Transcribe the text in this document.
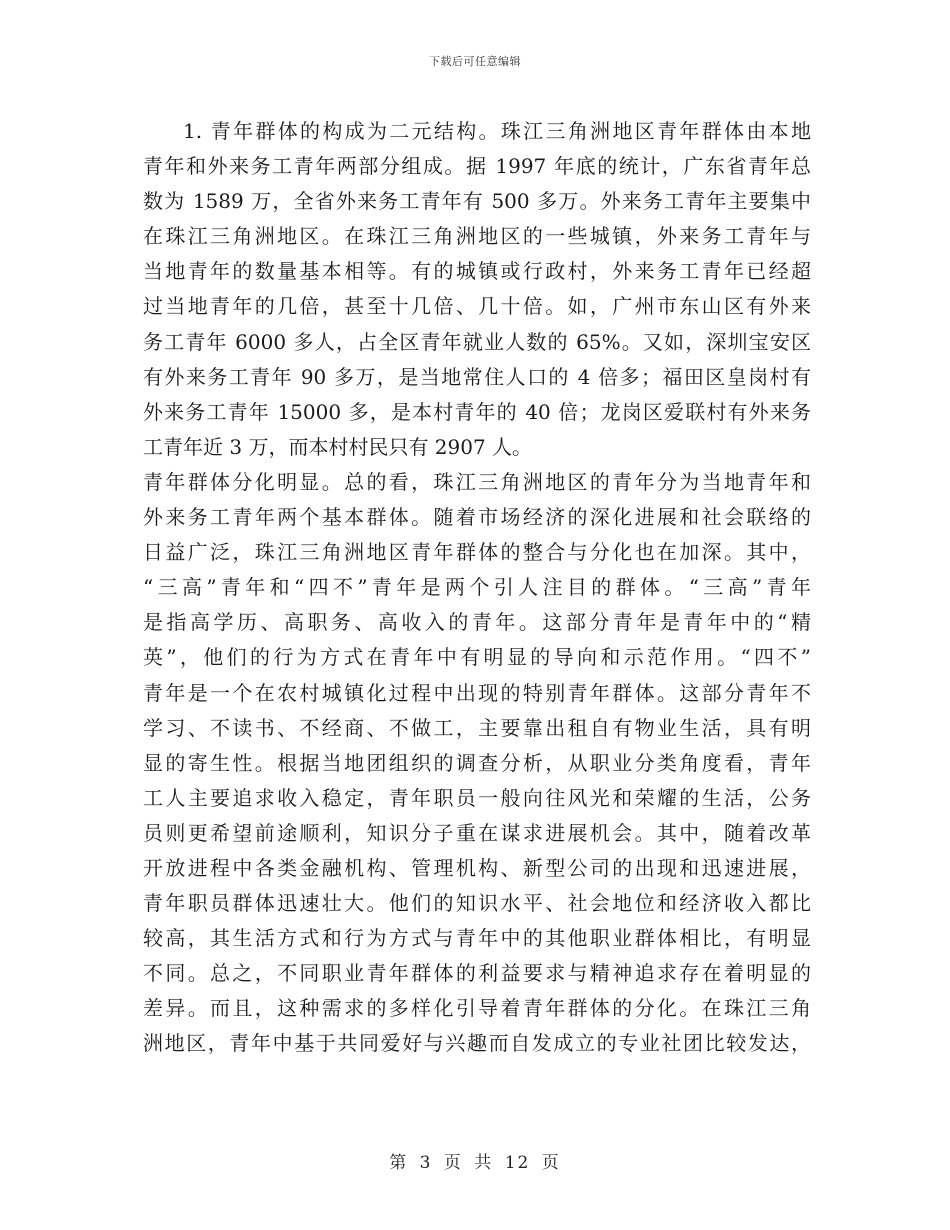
下载后可任意编辑
1. 青年群体的构成为二元结构。珠江三角洲地区青年群体由本地
青年和外来务工青年两部分组成。据 1997 年底的统计，广东省青年总
数为 1589 万，全省外来务工青年有 500 多万。外来务工青年主要集中
在珠江三角洲地区。在珠江三角洲地区的一些城镇，外来务工青年与
当地青年的数量基本相等。有的城镇或行政村，外来务工青年已经超
过当地青年的几倍，甚至十几倍、几十倍。如，广州市东山区有外来
务工青年 6000 多人，占全区青年就业人数的 65%。又如，深圳宝安区
有外来务工青年 90 多万，是当地常住人口的 4 倍多；福田区皇岗村有
外来务工青年 15000 多，是本村青年的 40 倍；龙岗区爱联村有外来务
工青年近 3 万，而本村村民只有 2907 人。
青年群体分化明显。总的看，珠江三角洲地区的青年分为当地青年和
外来务工青年两个基本群体。随着市场经济的深化进展和社会联络的
日益广泛，珠江三角洲地区青年群体的整合与分化也在加深。其中，
“三高”青年和“四不”青年是两个引人注目的群体。“三高”青年
是指高学历、高职务、高收入的青年。这部分青年是青年中的“精
英”，他们的行为方式在青年中有明显的导向和示范作用。“四不”
青年是一个在农村城镇化过程中出现的特别青年群体。这部分青年不
学习、不读书、不经商、不做工，主要靠出租自有物业生活，具有明
显的寄生性。根据当地团组织的调查分析，从职业分类角度看，青年
工人主要追求收入稳定，青年职员一般向往风光和荣耀的生活，公务
员则更希望前途顺利，知识分子重在谋求进展机会。其中，随着改革
开放进程中各类金融机构、管理机构、新型公司的出现和迅速进展，
青年职员群体迅速壮大。他们的知识水平、社会地位和经济收入都比
较高，其生活方式和行为方式与青年中的其他职业群体相比，有明显
不同。总之，不同职业青年群体的利益要求与精神追求存在着明显的
差异。而且，这种需求的多样化引导着青年群体的分化。在珠江三角
洲地区，青年中基于共同爱好与兴趣而自发成立的专业社团比较发达，
第 3 页 共 12 页
